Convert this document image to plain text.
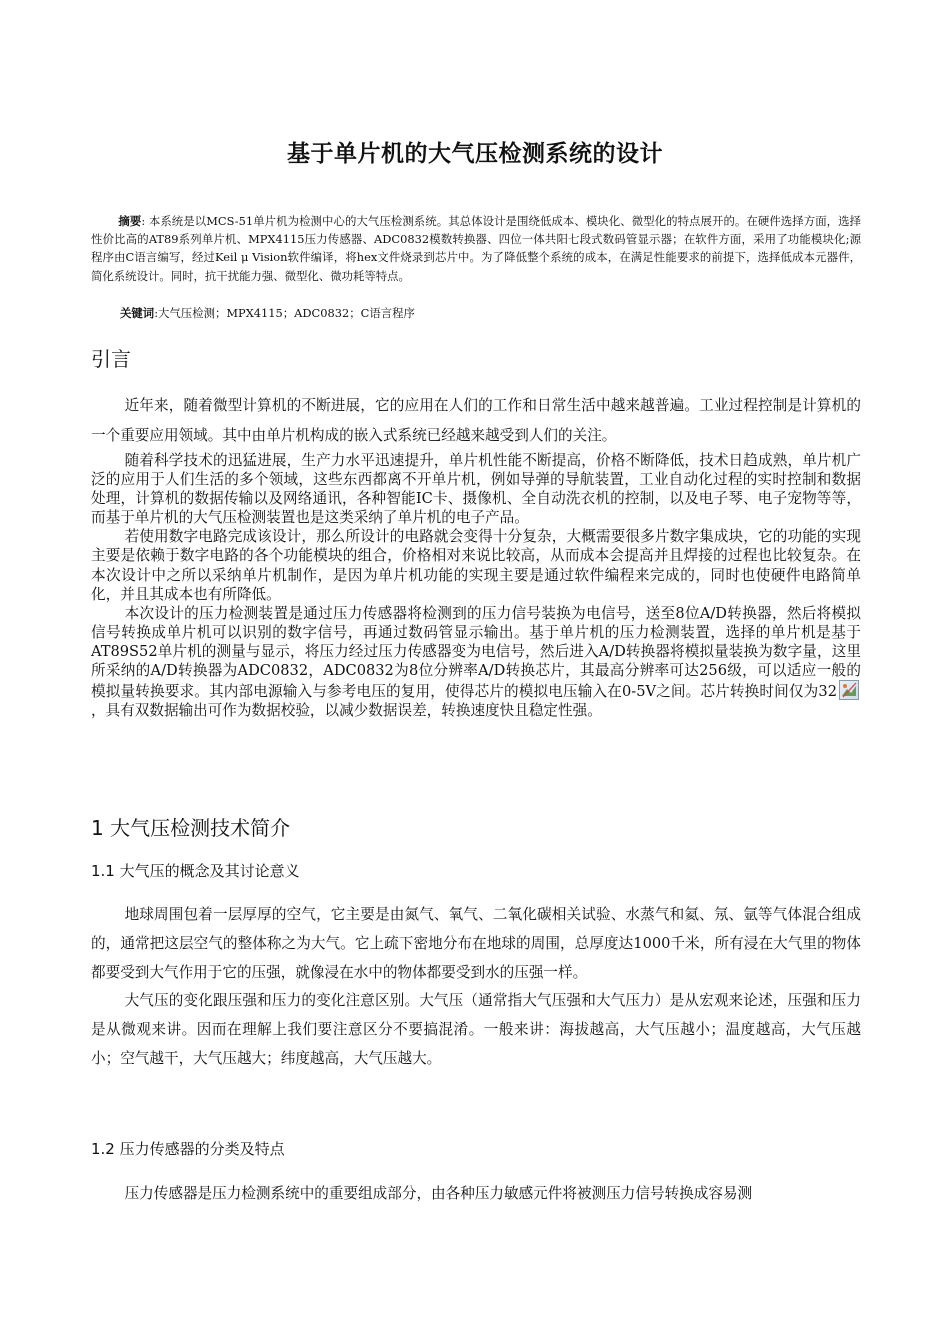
基于单片机的大气压检测系统的设计

摘要: 本系统是以MCS-51单片机为检测中心的大气压检测系统。其总体设计是围绕低成本、模块化、微型化的特点展开的。在硬件选择方面，选择性价比高的AT89系列单片机、MPX4115压力传感器、ADC0832模数转换器、四位一体共阳七段式数码管显示器；在软件方面，采用了功能模块化;源程序由C语言编写，经过Keil μ Vision软件编译，将hex文件烧录到芯片中。为了降低整个系统的成本，在满足性能要求的前提下，选择低成本元器件，简化系统设计。同时，抗干扰能力强、微型化、微功耗等特点。

关键词:大气压检测；MPX4115；ADC0832；C语言程序
引言

近年来，随着微型计算机的不断进展，它的应用在人们的工作和日常生活中越来越普遍。工业过程控制是计算机的一个重要应用领域。其中由单片机构成的嵌入式系统已经越来越受到人们的关注。

随着科学技术的迅猛进展，生产力水平迅速提升，单片机性能不断提高，价格不断降低，技术日趋成熟，单片机广泛的应用于人们生活的多个领域，这些东西都离不开单片机，例如导弹的导航装置，工业自动化过程的实时控制和数据处理，计算机的数据传输以及网络通讯，各种智能IC卡、摄像机、全自动洗衣机的控制，以及电子琴、电子宠物等等，而基于单片机的大气压检测装置也是这类采纳了单片机的电子产品。

若使用数字电路完成该设计，那么所设计的电路就会变得十分复杂，大概需要很多片数字集成块，它的功能的实现主要是依赖于数字电路的各个功能模块的组合，价格相对来说比较高，从而成本会提高并且焊接的过程也比较复杂。在本次设计中之所以采纳单片机制作，是因为单片机功能的实现主要是通过软件编程来完成的，同时也使硬件电路简单化，并且其成本也有所降低。

本次设计的压力检测装置是通过压力传感器将检测到的压力信号装换为电信号，送至8位A/D转换器，然后将模拟信号转换成单片机可以识别的数字信号，再通过数码管显示输出。基于单片机的压力检测装置，选择的单片机是基于AT89S52单片机的测量与显示，将压力经过压力传感器变为电信号，然后进入A/D转换器将模拟量装换为数字量，这里所采纳的A/D转换器为ADC0832，ADC0832为8位分辨率A/D转换芯片，其最高分辨率可达256级，可以适应一般的模拟量转换要求。其内部电源输入与参考电压的复用，使得芯片的模拟电压输入在0-5V之间。芯片转换时间仅为32
，具有双数据输出可作为数据校验，以减少数据误差，转换速度快且稳定性强。

1 大气压检测技术简介
1.1 大气压的概念及其讨论意义

地球周围包着一层厚厚的空气，它主要是由氮气、氧气、二氧化碳相关试验、水蒸气和氦、氖、氩等气体混合组成的，通常把这层空气的整体称之为大气。它上疏下密地分布在地球的周围，总厚度达1000千米，所有浸在大气里的物体都要受到大气作用于它的压强，就像浸在水中的物体都要受到水的压强一样。

大气压的变化跟压强和压力的变化注意区别。大气压（通常指大气压强和大气压力）是从宏观来论述，压强和压力是从微观来讲。因而在理解上我们要注意区分不要搞混淆。一般来讲：海拔越高，大气压越小；温度越高，大气压越小；空气越干，大气压越大；纬度越高，大气压越大。

1.2 压力传感器的分类及特点

压力传感器是压力检测系统中的重要组成部分，由各种压力敏感元件将被测压力信号转换成容易测
